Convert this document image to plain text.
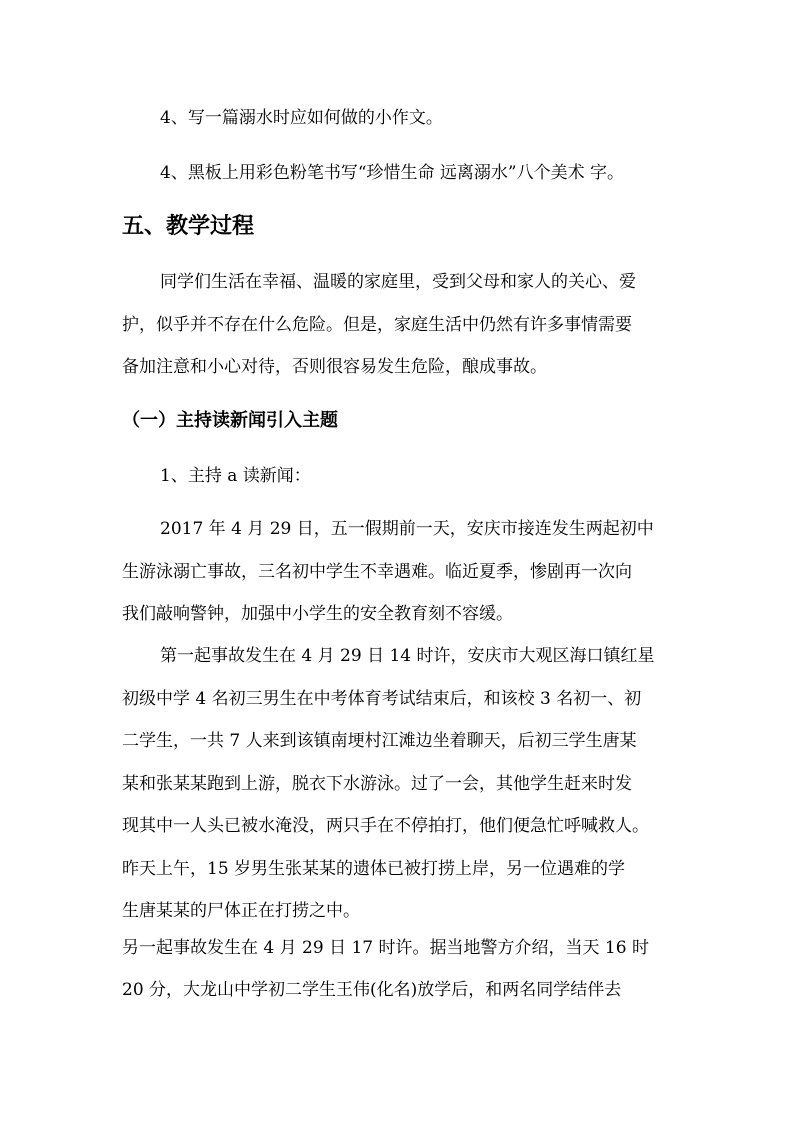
4、写一篇溺水时应如何做的小作文。
4、黑板上用彩色粉笔书写“珍惜生命 远离溺水”八个美术 字。
五、教学过程
同学们生活在幸福、温暖的家庭里，受到父母和家人的关心、爱
护，似乎并不存在什么危险。但是，家庭生活中仍然有许多事情需要
备加注意和小心对待，否则很容易发生危险，酿成事故。
（一）主持读新闻引入主题
1、主持 a 读新闻：
2017 年 4 月 29 日，五一假期前一天，安庆市接连发生两起初中
生游泳溺亡事故，三名初中学生不幸遇难。临近夏季，惨剧再一次向
我们敲响警钟，加强中小学生的安全教育刻不容缓。
第一起事故发生在 4 月 29 日 14 时许，安庆市大观区海口镇红星
初级中学 4 名初三男生在中考体育考试结束后，和该校 3 名初一、初
二学生，一共 7 人来到该镇南埂村江滩边坐着聊天，后初三学生唐某
某和张某某跑到上游，脱衣下水游泳。过了一会，其他学生赶来时发
现其中一人头已被水淹没，两只手在不停拍打，他们便急忙呼喊救人。
昨天上午，15 岁男生张某某的遗体已被打捞上岸，另一位遇难的学
生唐某某的尸体正在打捞之中。
另一起事故发生在 4 月 29 日 17 时许。据当地警方介绍，当天 16 时
20 分，大龙山中学初二学生王伟(化名)放学后，和两名同学结伴去
